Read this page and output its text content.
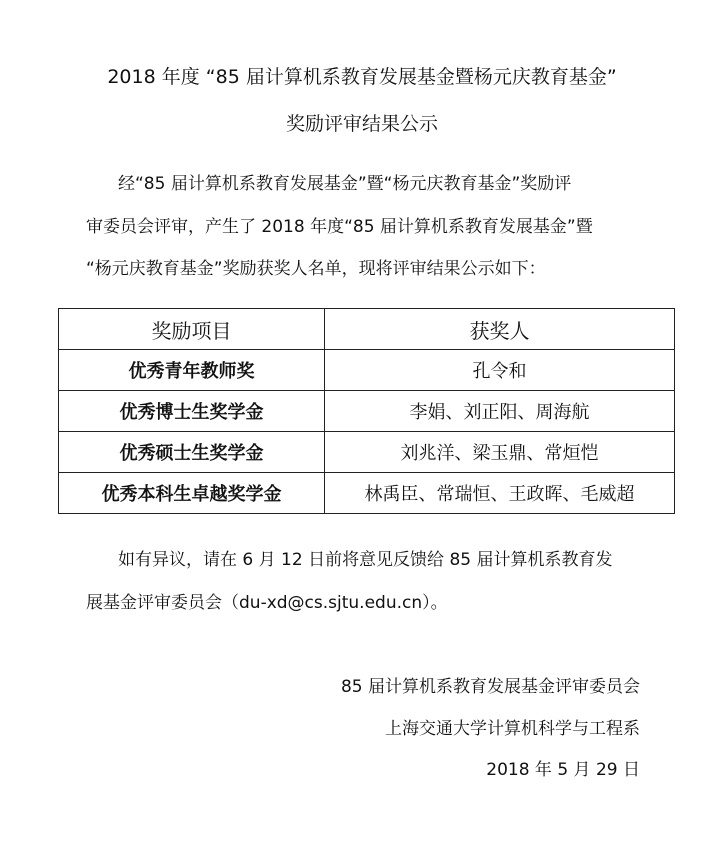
2018 年度 “85 届计算机系教育发展基金暨杨元庆教育基金”
奖励评审结果公示
经“85 届计算机系教育发展基金”暨“杨元庆教育基金”奖励评
审委员会评审，产生了 2018 年度“85 届计算机系教育发展基金”暨
“杨元庆教育基金”奖励获奖人名单，现将评审结果公示如下：
奖励项目	获奖人
优秀青年教师奖	孔令和
优秀博士生奖学金	李娟、刘正阳、周海航
优秀硕士生奖学金	刘兆洋、梁玉鼎、常烜恺
优秀本科生卓越奖学金	林禹臣、常瑞恒、王政晖、毛威超
如有异议，请在 6 月 12 日前将意见反馈给 85 届计算机系教育发
展基金评审委员会（du-xd@cs.sjtu.edu.cn）。
85 届计算机系教育发展基金评审委员会
上海交通大学计算机科学与工程系
2018 年 5 月 29 日
